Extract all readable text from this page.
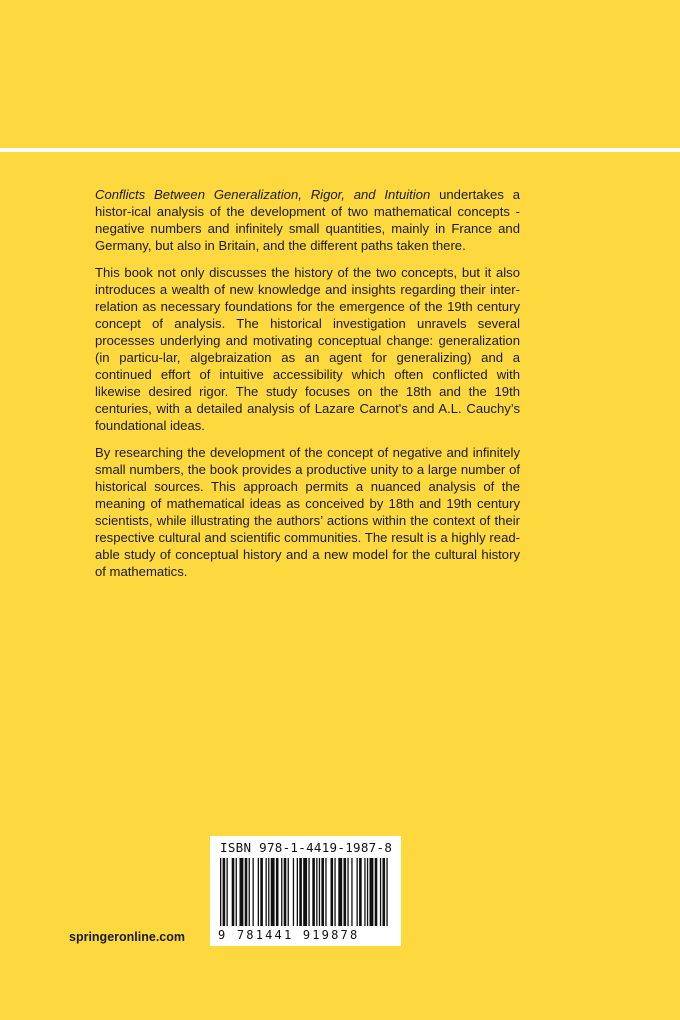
Conflicts Between Generalization, Rigor, and Intuition undertakes a histor-ical analysis of the development of two mathematical concepts -negative numbers and infinitely small quantities, mainly in France and Germany, but also in Britain, and the different paths taken there.

This book not only discusses the history of the two concepts, but it also introduces a wealth of new knowledge and insights regarding their inter-relation as necessary foundations for the emergence of the 19th century concept of analysis. The historical investigation unravels several processes underlying and motivating conceptual change: generalization (in particu-lar, algebraization as an agent for generalizing) and a continued effort of intuitive accessibility which often conflicted with likewise desired rigor. The study focuses on the 18th and the 19th centuries, with a detailed analysis of Lazare Carnot's and A.L. Cauchy’s foundational ideas.

By researching the development of the concept of negative and infinitely small numbers, the book provides a productive unity to a large number of historical sources. This approach permits a nuanced analysis of the meaning of mathematical ideas as conceived by 18th and 19th century scientists, while illustrating the authors’ actions within the context of their respective cultural and scientific communities. The result is a highly read-able study of conceptual history and a new model for the cultural history of mathematics.

springeronline.com
ISBN 978-1-4419-1987-8
9 781441 919878
